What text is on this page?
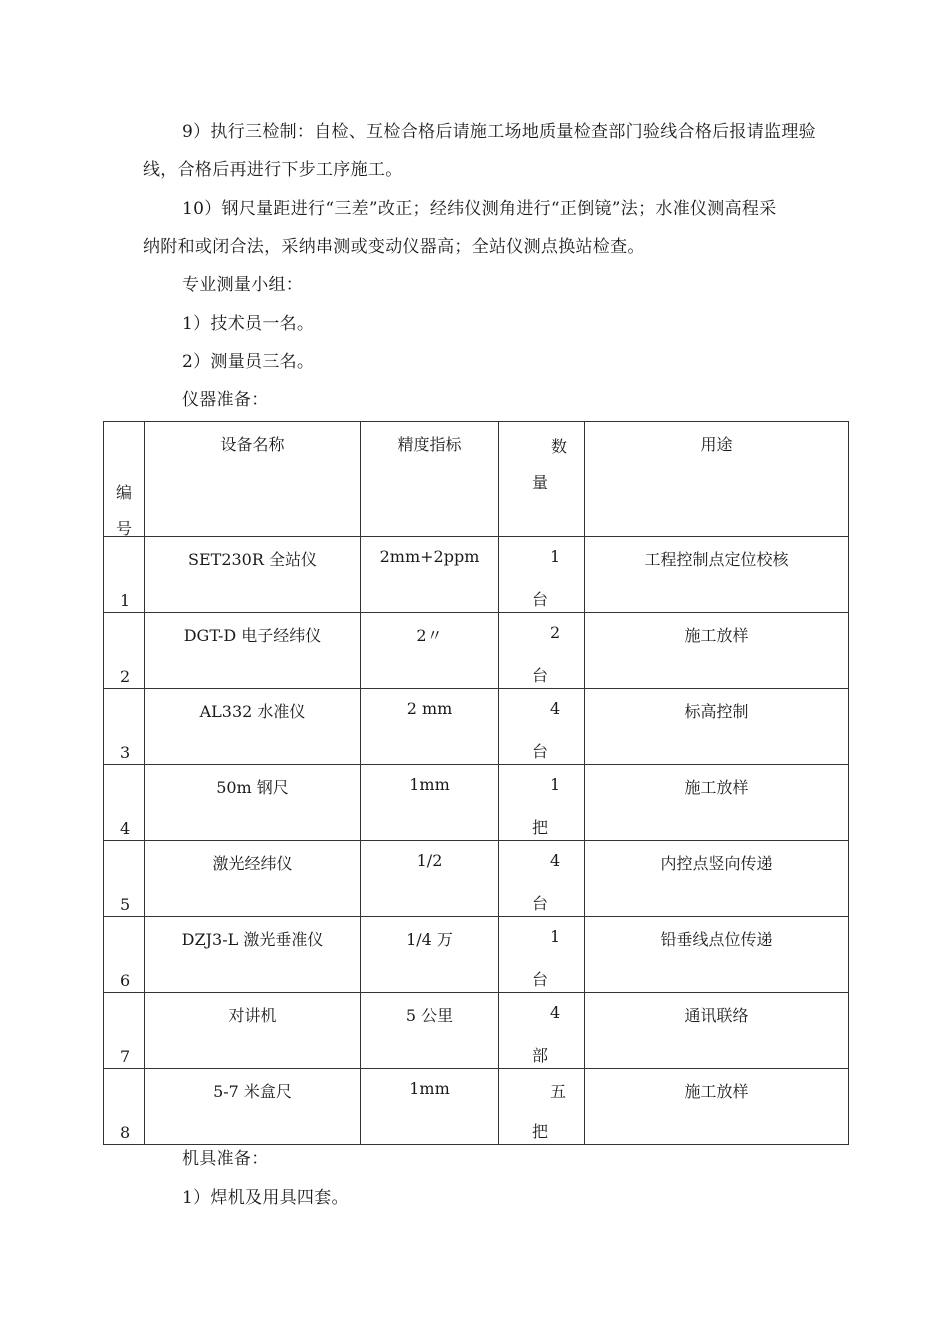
9）执行三检制：自检、互检合格后请施工场地质量检查部门验线合格后报请监理验
线，合格后再进行下步工序施工。
10）钢尺量距进行“三差”改正；经纬仪测角进行“正倒镜”法；水准仪测高程采
纳附和或闭合法，采纳串测或变动仪器高；全站仪测点换站检查。
专业测量小组：
1）技术员一名。
2）测量员三名。
仪器准备：
编
号	设备名称	精度指标	数
量	用途

1	SET230R 全站仪	2mm+2ppm	1
台	工程控制点定位校核

2	DGT-D 电子经纬仪	2〃	2
台	施工放样

3	AL332 水准仪	2 mm	4
台	标高控制

4	50m 钢尺	1mm	1
把	施工放样

5	激光经纬仪	1/2	4
台	内控点竖向传递

6	DZJ3-L 激光垂准仪	1/4 万	1
台	铅垂线点位传递

7	对讲机	5 公里	4
部	通讯联络

8	5-7 米盒尺	1mm	五
把	施工放样
机具准备：
1）焊机及用具四套。
